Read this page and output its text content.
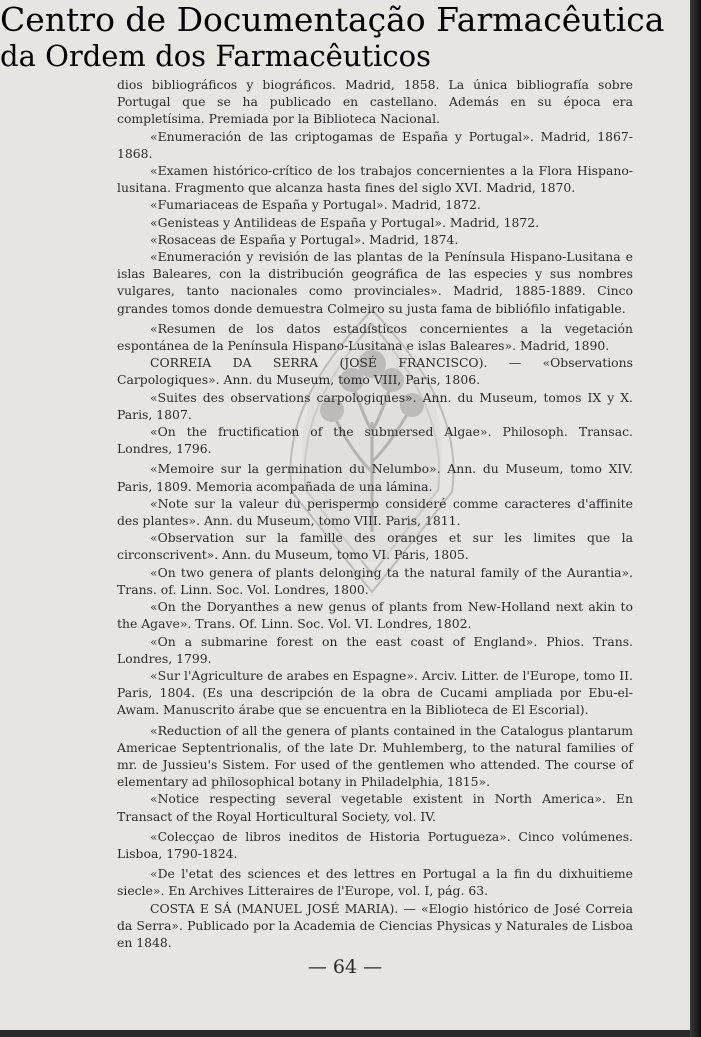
Centro de Documentação Farmacêutica
da Ordem dos Farmacêuticos

dios bibliográficos y biográficos. Madrid, 1858. La única bibliografía sobre Portugal que se ha publicado en castellano. Además en su época era completísima. Premiada por la Biblioteca Nacional.

«Enumeración de las criptogamas de España y Portugal». Madrid, 1867-1868.

«Examen histórico-crítico de los trabajos concernientes a la Flora Hispano-lusitana. Fragmento que alcanza hasta fines del siglo XVI. Madrid, 1870.

«Fumariaceas de España y Portugal». Madrid, 1872.

«Genisteas y Antilideas de España y Portugal». Madrid, 1872.

«Rosaceas de España y Portugal». Madrid, 1874.

«Enumeración y revisión de las plantas de la Península Hispano-Lusitana e islas Baleares, con la distribución geográfica de las especies y sus nombres vulgares, tanto nacionales como provinciales». Madrid, 1885-1889. Cinco grandes tomos donde demuestra Colmeiro su justa fama de bibliófilo infatigable.

«Resumen de los datos estadísticos concernientes a la vegetación espontánea de la Península Hispano-Lusitana e islas Baleares». Madrid, 1890.

CORREIA DA SERRA (JOSÉ FRANCISCO). — «Observations Carpologiques». Ann. du Museum, tomo VIII, Paris, 1806.

«Suites des observations carpologiques». Ann. du Museum, tomos IX y X. Paris, 1807.

«On the fructification of the submersed Algae». Philosoph. Transac. Londres, 1796.

«Memoire sur la germination du Nelumbo». Ann. du Museum, tomo XIV. Paris, 1809. Memoria acompañada de una lámina.

«Note sur la valeur du perispermo consideré comme caracteres d'affinite des plantes». Ann. du Museum, tomo VIII. Paris, 1811.

«Observation sur la famille des oranges et sur les limites que la circonscrivent». Ann. du Museum, tomo VI. Paris, 1805.

«On two genera of plants delonging ta the natural family of the Aurantia». Trans. of. Linn. Soc. Vol. Londres, 1800.

«On the Doryanthes a new genus of plants from New-Holland next akin to the Agave». Trans. Of. Linn. Soc. Vol. VI. Londres, 1802.

«On a submarine forest on the east coast of England». Phios. Trans. Londres, 1799.

«Sur l'Agriculture de arabes en Espagne». Arciv. Litter. de l'Europe, tomo II. Paris, 1804. (Es una descripción de la obra de Cucami ampliada por Ebu-el- Awam. Manuscrito árabe que se encuentra en la Biblioteca de El Escorial).

«Reduction of all the genera of plants contained in the Catalogus plantarum Americae Septentrionalis, of the late Dr. Muhlemberg, to the natural families of mr. de Jussieu's Sistem. For used of the gentlemen who attended. The course of elementary ad philosophical botany in Philadelphia, 1815».

«Notice respecting several vegetable existent in North America». En Transact of the Royal Horticultural Society, vol. IV.

«Colecçao de libros ineditos de Historia Portugueza». Cinco volúmenes. Lisboa, 1790-1824.

«De l'etat des sciences et des lettres en Portugal a la fin du dixhuitieme siecle». En Archives Litteraires de l'Europe, vol. I, pág. 63.

COSTA E SÁ (MANUEL JOSÉ MARIA). — «Elogio histórico de José Correia da Serra». Publicado por la Academia de Ciencias Physicas y Naturales de Lisboa en 1848.

— 64 —
